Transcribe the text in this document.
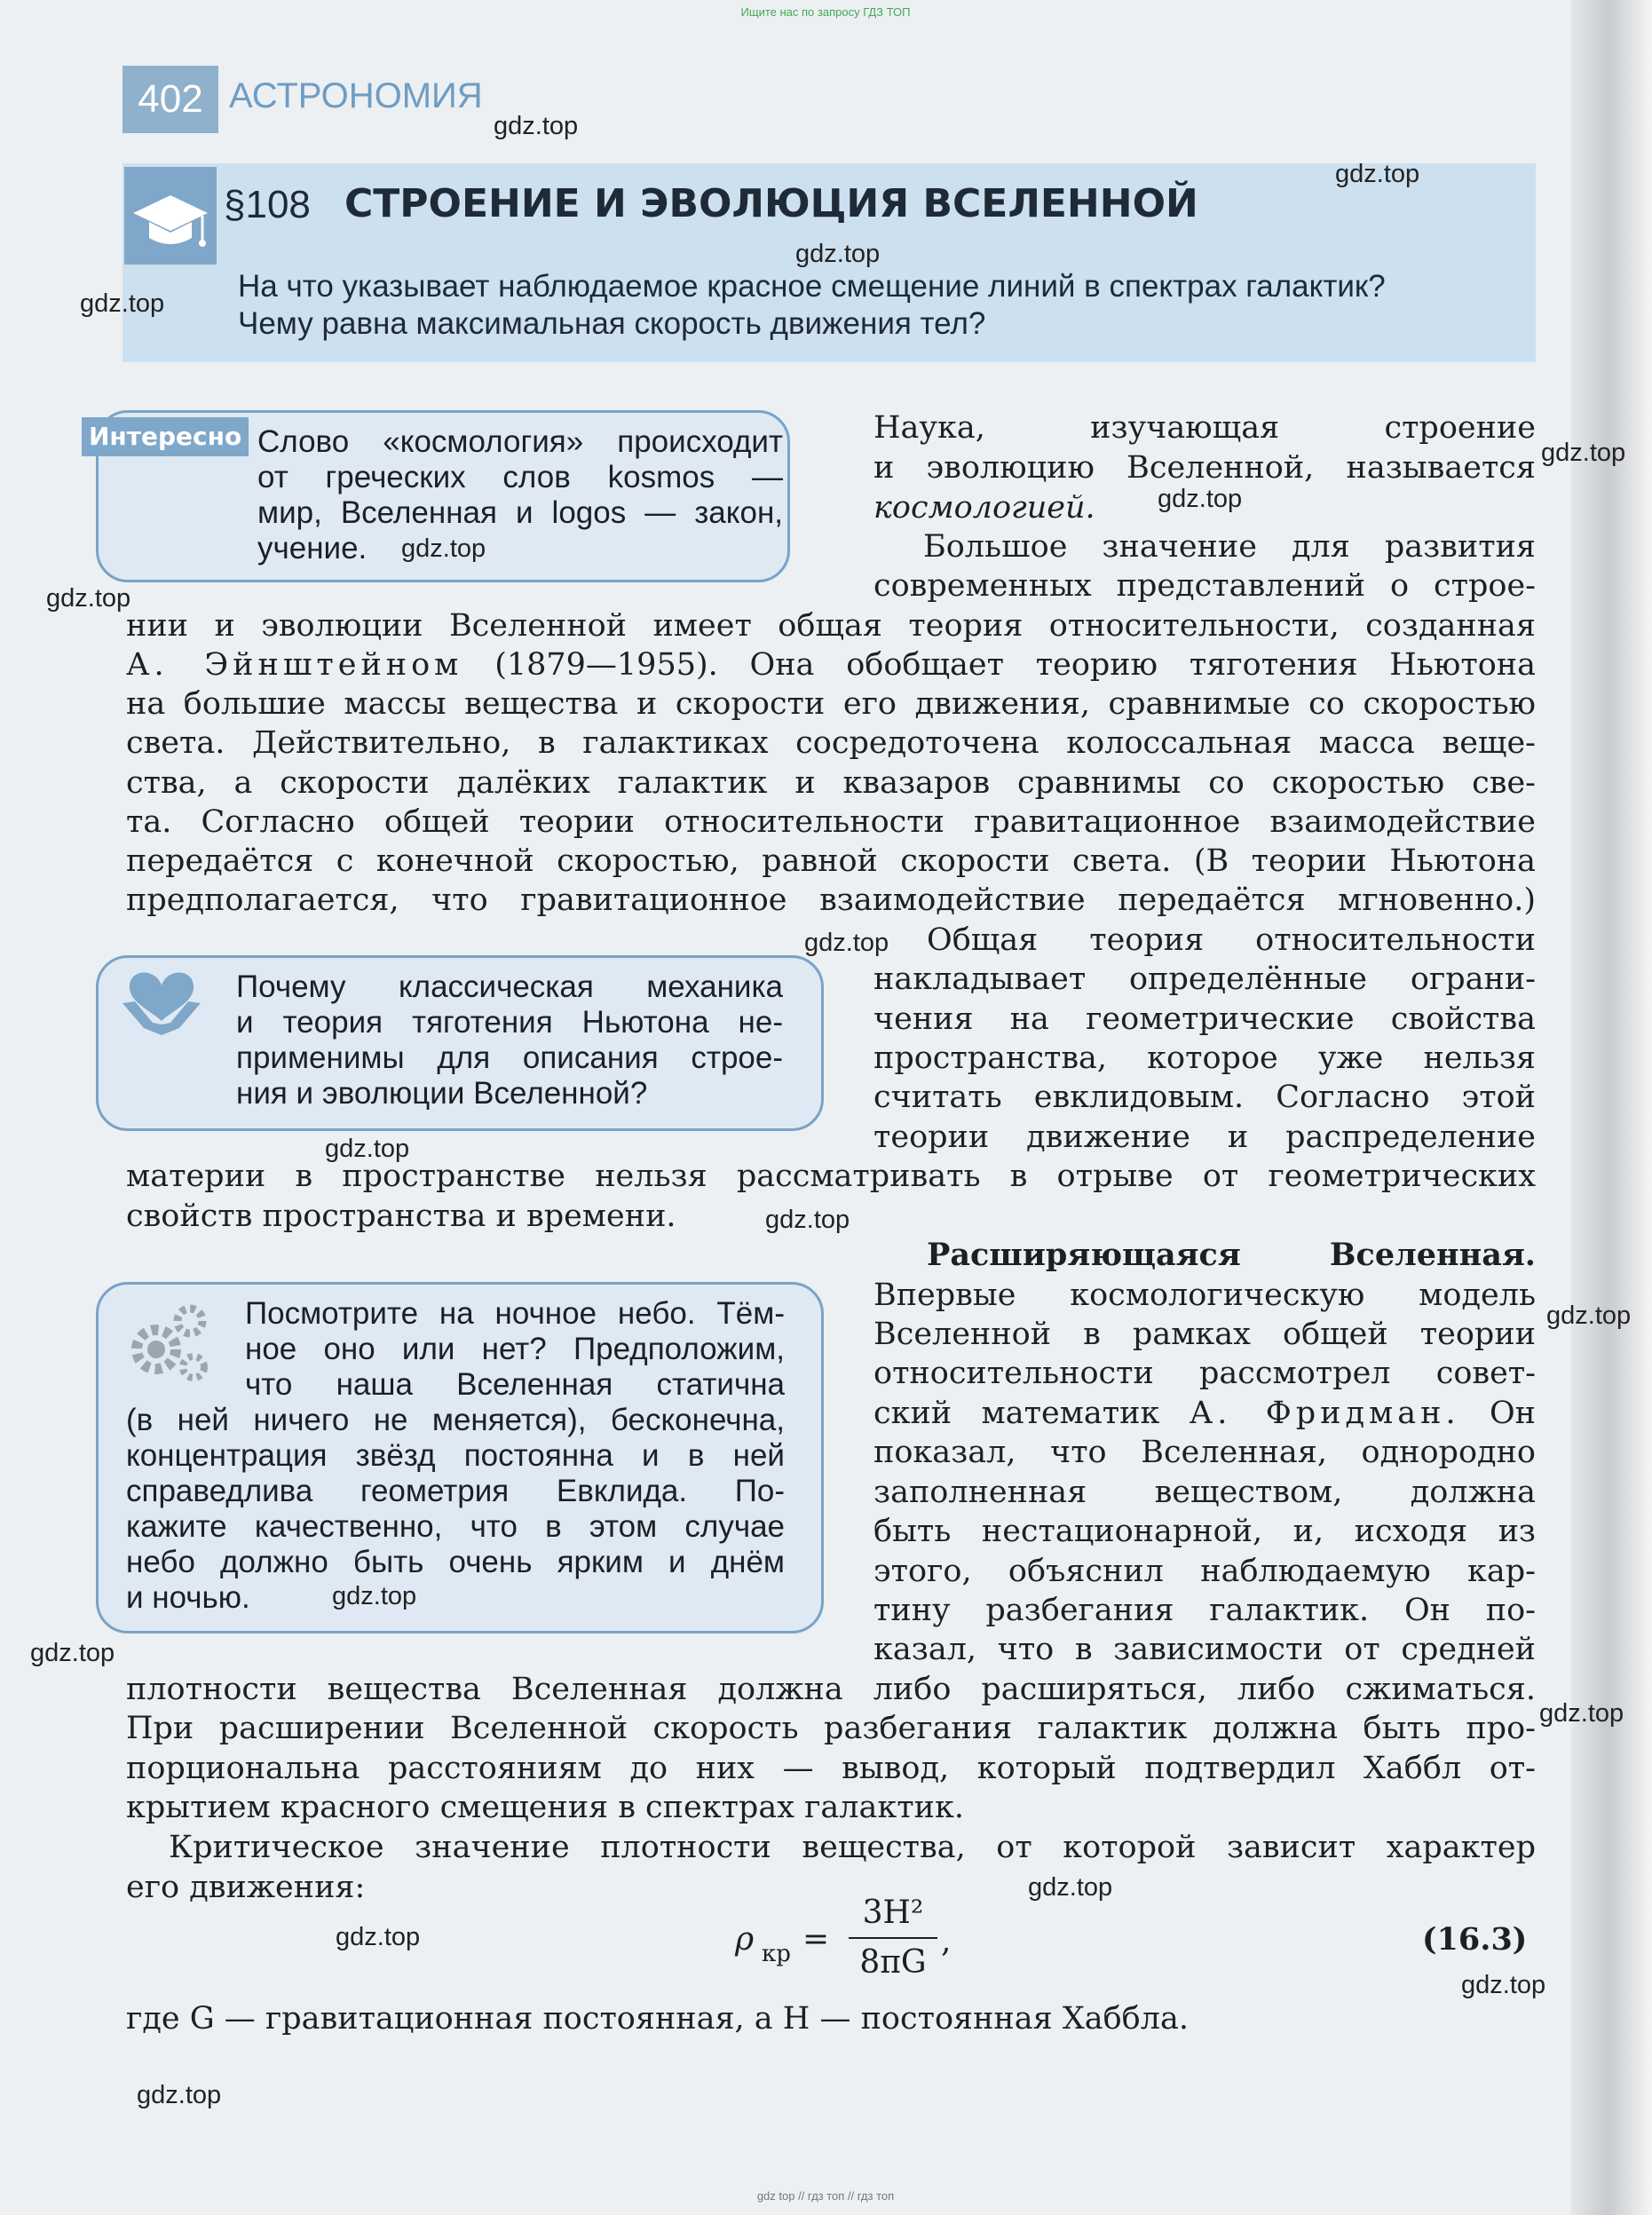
Ищите нас по запросу ГДЗ ТОП
402 АСТРОНОМИЯ
§108 СТРОЕНИЕ И ЭВОЛЮЦИЯ ВСЕЛЕННОЙ
На что указывает наблюдаемое красное смещение линий в спектрах галактик?
Чему равна максимальная скорость движения тел?
Интересно Слово «космология» происходит
от греческих слов kosmos —
мир, Вселенная и logos — закон,
учение.
Почему классическая механика
и теория тяготения Ньютона не-
применимы для описания строе-
ния и эволюции Вселенной?
Посмотрите на ночное небо. Тём-
ное оно или нет? Предположим,
что наша Вселенная статична
(в ней ничего не меняется), бесконечна,
концентрация звёзд постоянна и в ней
справедлива геометрия Евклида. По-
кажите качественно, что в этом случае
небо должно быть очень ярким и днём
и ночью.
Наука, изучающая строение
и эволюцию Вселенной, называется
космологией.
Большое значение для развития
современных представлений о строе-
нии и эволюции Вселенной имеет общая теория относительности, созданная
А. Эйнштейном (1879—1955). Она обобщает теорию тяготения Ньютона
на большие массы вещества и скорости его движения, сравнимые со скоростью
света. Действительно, в галактиках сосредоточена колоссальная масса веще-
ства, а скорости далёких галактик и квазаров сравнимы со скоростью све-
та. Согласно общей теории относительности гравитационное взаимодействие
передаётся с конечной скоростью, равной скорости света. (В теории Ньютона
предполагается, что гравитационное взаимодействие передаётся мгновенно.)
Общая теория относительности
накладывает определённые ограни-
чения на геометрические свойства
пространства, которое уже нельзя
считать евклидовым. Согласно этой
теории движение и распределение
материи в пространстве нельзя рассматривать в отрыве от геометрических
свойств пространства и времени.
Расширяющаяся	Вселенная.
Впервые космологическую модель
Вселенной в рамках общей теории
относительности рассмотрел совет-
ский математик А. Фридман. Он
показал, что Вселенная, однородно
заполненная веществом, должна
быть нестационарной, и, исходя из
этого, объяснил наблюдаемую кар-
тину разбегания галактик. Он по-
казал, что в зависимости от средней
плотности вещества Вселенная должна либо расширяться, либо сжиматься.
При расширении Вселенной скорость разбегания галактик должна быть про-
порциональна расстояниям до них — вывод, который подтвердил Хаббл от-
крытием красного смещения в спектрах галактик.
Критическое значение плотности вещества, от которой зависит характер
его движения:
ρ кр =
3H²
8πG
,	(16.3)
где G — гравитационная постоянная, а H — постоянная Хаббла.
gdz.top
gdz.top
gdz.top
gdz.top
gdz.top
gdz.top
gdz.top
gdz.top
gdz.top
gdz.top
gdz.top
gdz.top
gdz.top
gdz.top
gdz.top
gdz.top
gdz.top
gdz.top
gdz.top
gdz top // гдз топ // гдз топ
